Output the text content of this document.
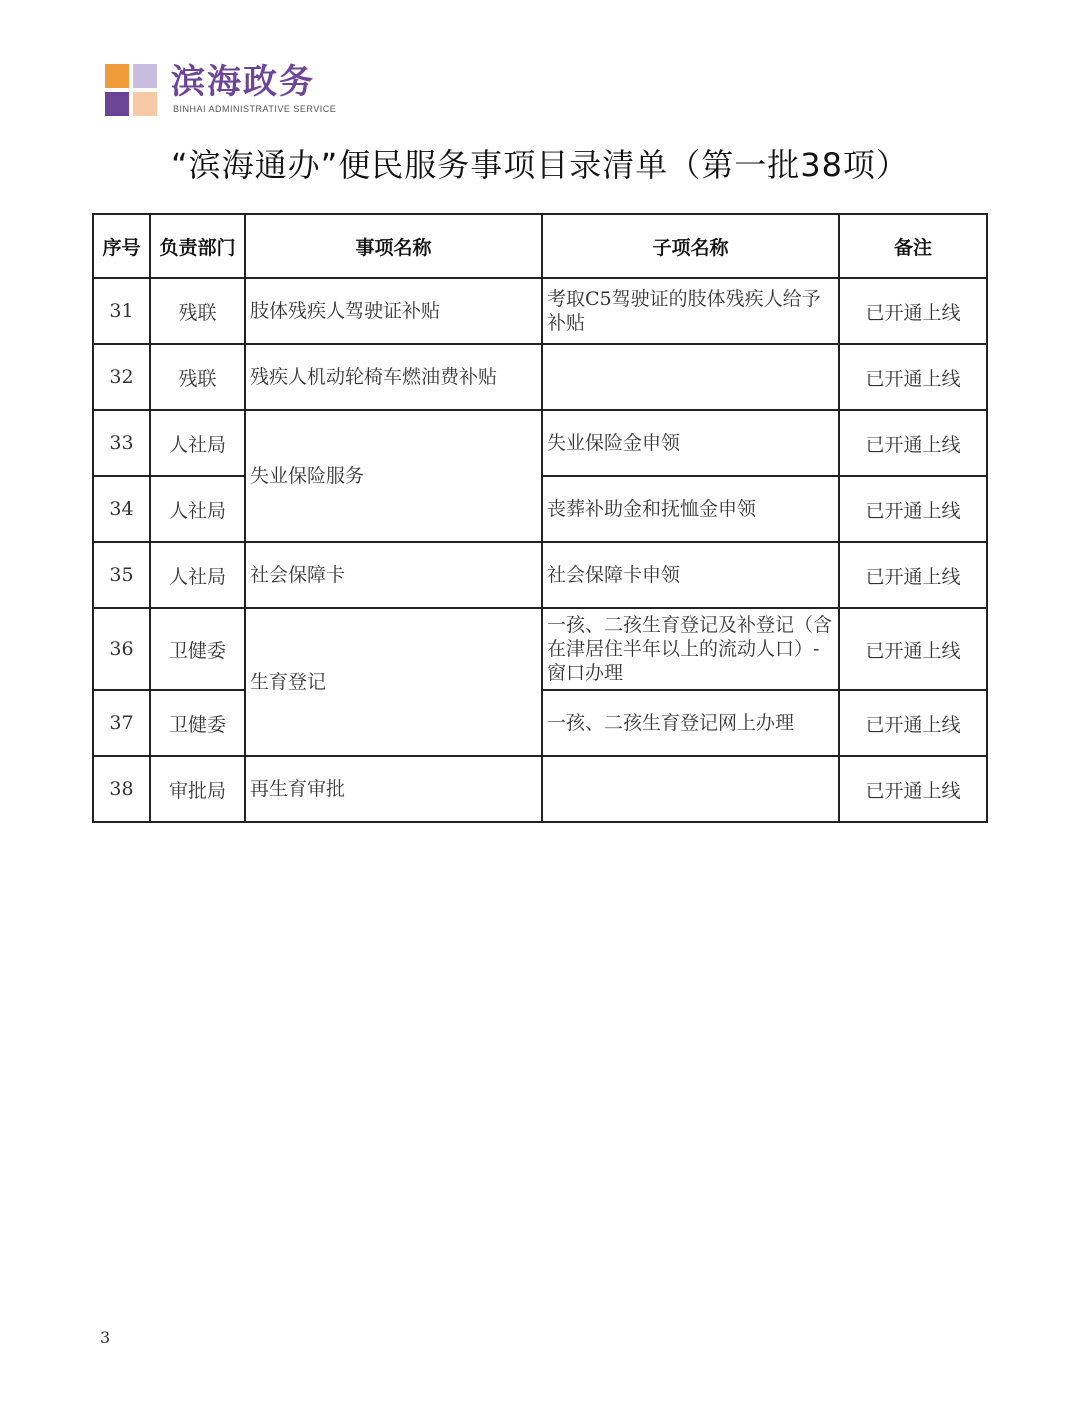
滨海政务
BINHAI ADMINISTRATIVE SERVICE
“滨海通办”便民服务事项目录清单（第一批38项）
序号	负责部门	事项名称	子项名称	备注
31	残联	肢体残疾人驾驶证补贴	考取C5驾驶证的肢体残疾人给予补贴	已开通上线
32	残联	残疾人机动轮椅车燃油费补贴		已开通上线
33	人社局	失业保险服务	失业保险金申领	已开通上线
34	人社局		丧葬补助金和抚恤金申领	已开通上线
35	人社局	社会保障卡	社会保障卡申领	已开通上线
36	卫健委	生育登记	一孩、二孩生育登记及补登记（含在津居住半年以上的流动人口）-窗口办理	已开通上线
37	卫健委		一孩、二孩生育登记网上办理	已开通上线
38	审批局	再生育审批		已开通上线
3
